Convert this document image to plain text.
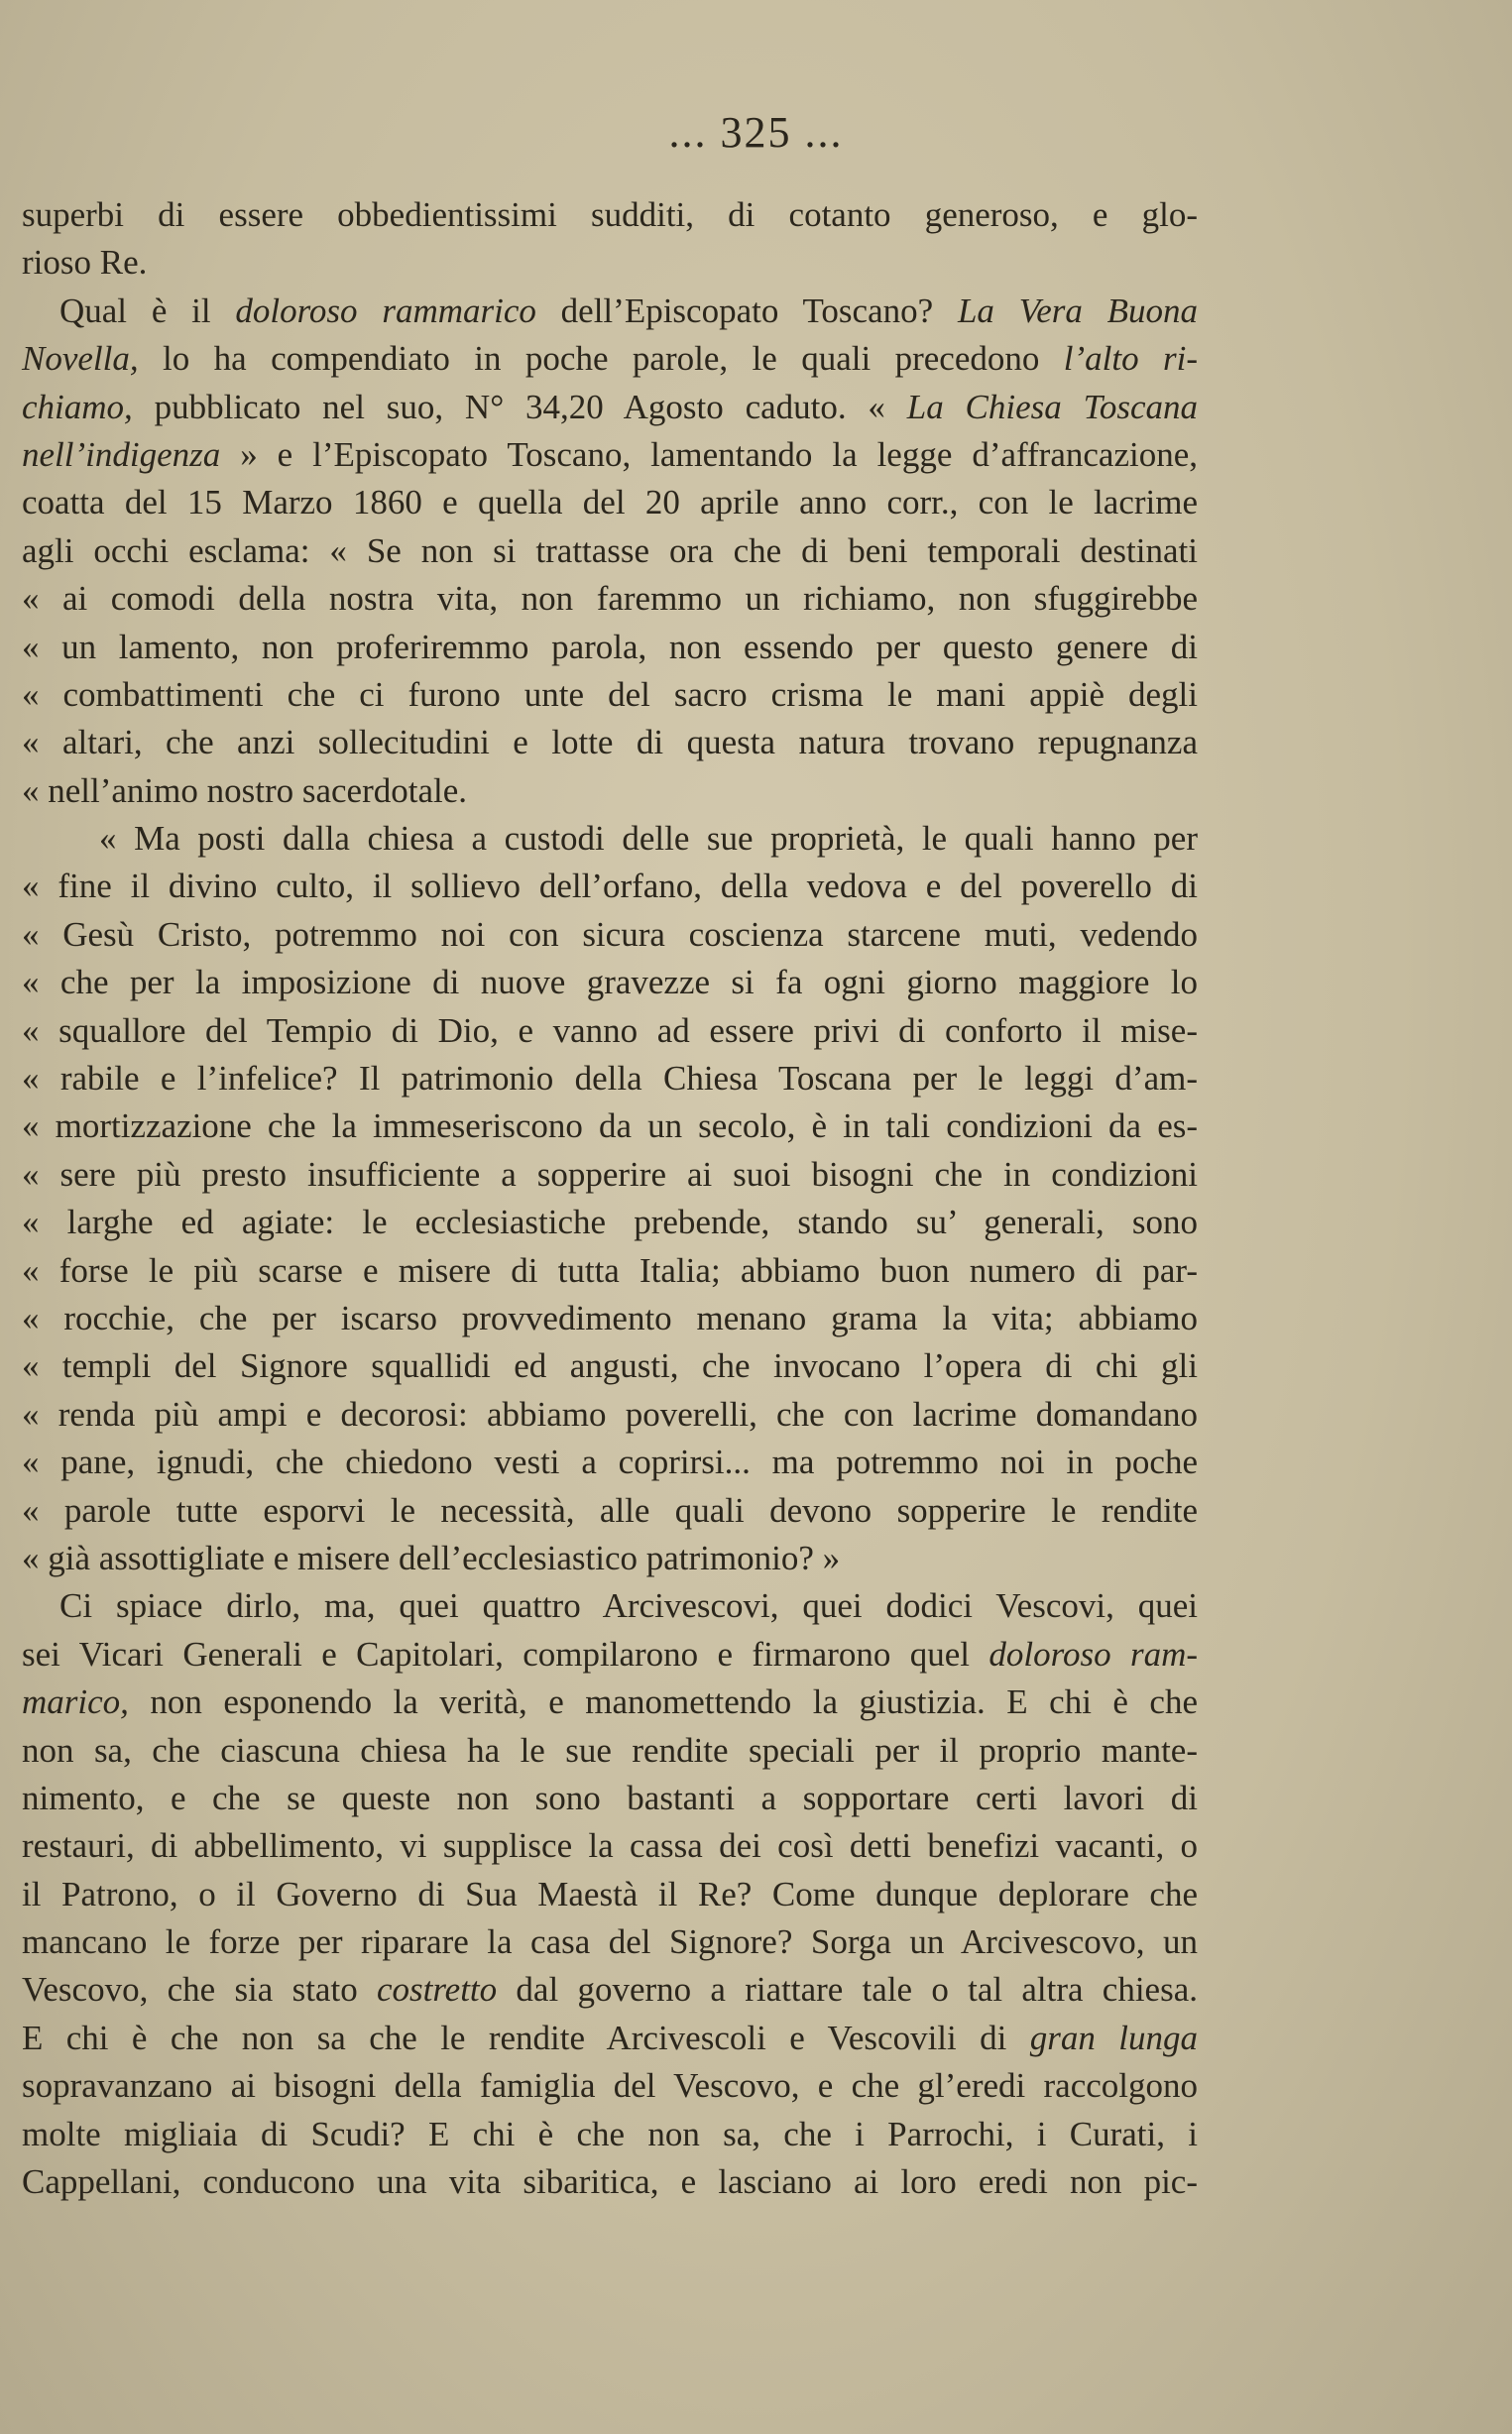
... 325 ...
superbi di essere obbedientissimi sudditi, di cotanto generoso, e glo-
rioso Re.
Qual è il doloroso rammarico dell’Episcopato Toscano? La Vera Buona
Novella, lo ha compendiato in poche parole, le quali precedono l’alto ri-
chiamo, pubblicato nel suo, N° 34,20 Agosto caduto. « La Chiesa Toscana
nell’indigenza » e l’Episcopato Toscano, lamentando la legge d’affrancazione,
coatta del 15 Marzo 1860 e quella del 20 aprile anno corr., con le lacrime
agli occhi esclama: « Se non si trattasse ora che di beni temporali destinati
« ai comodi della nostra vita, non faremmo un richiamo, non sfuggirebbe
« un lamento, non proferiremmo parola, non essendo per questo genere di
« combattimenti che ci furono unte del sacro crisma le mani appiè degli
« altari, che anzi sollecitudini e lotte di questa natura trovano repugnanza
« nell’animo nostro sacerdotale.
« Ma posti dalla chiesa a custodi delle sue proprietà, le quali hanno per
« fine il divino culto, il sollievo dell’orfano, della vedova e del poverello di
« Gesù Cristo, potremmo noi con sicura coscienza starcene muti, vedendo
« che per la imposizione di nuove gravezze si fa ogni giorno maggiore lo
« squallore del Tempio di Dio, e vanno ad essere privi di conforto il mise-
« rabile e l’infelice? Il patrimonio della Chiesa Toscana per le leggi d’am-
« mortizzazione che la immeseriscono da un secolo, è in tali condizioni da es-
« sere più presto insufficiente a sopperire ai suoi bisogni che in condizioni
« larghe ed agiate: le ecclesiastiche prebende, stando su’ generali, sono
« forse le più scarse e misere di tutta Italia; abbiamo buon numero di par-
« rocchie, che per iscarso provvedimento menano grama la vita; abbiamo
« templi del Signore squallidi ed angusti, che invocano l’opera di chi gli
« renda più ampi e decorosi: abbiamo poverelli, che con lacrime domandano
« pane, ignudi, che chiedono vesti a coprirsi... ma potremmo noi in poche
« parole tutte esporvi le necessità, alle quali devono sopperire le rendite
« già assottigliate e misere dell’ecclesiastico patrimonio? »
Ci spiace dirlo, ma, quei quattro Arcivescovi, quei dodici Vescovi, quei
sei Vicari Generali e Capitolari, compilarono e firmarono quel doloroso ram-
marico, non esponendo la verità, e manomettendo la giustizia. E chi è che
non sa, che ciascuna chiesa ha le sue rendite speciali per il proprio mante-
nimento, e che se queste non sono bastanti a sopportare certi lavori di
restauri, di abbellimento, vi supplisce la cassa dei così detti benefizi vacanti, o
il Patrono, o il Governo di Sua Maestà il Re? Come dunque deplorare che
mancano le forze per riparare la casa del Signore? Sorga un Arcivescovo, un
Vescovo, che sia stato costretto dal governo a riattare tale o tal altra chiesa.
E chi è che non sa che le rendite Arcivescoli e Vescovili di gran lunga
sopravanzano ai bisogni della famiglia del Vescovo, e che gl’eredi raccolgono
molte migliaia di Scudi? E chi è che non sa, che i Parrochi, i Curati, i
Cappellani, conducono una vita sibaritica, e lasciano ai loro eredi non pic-
